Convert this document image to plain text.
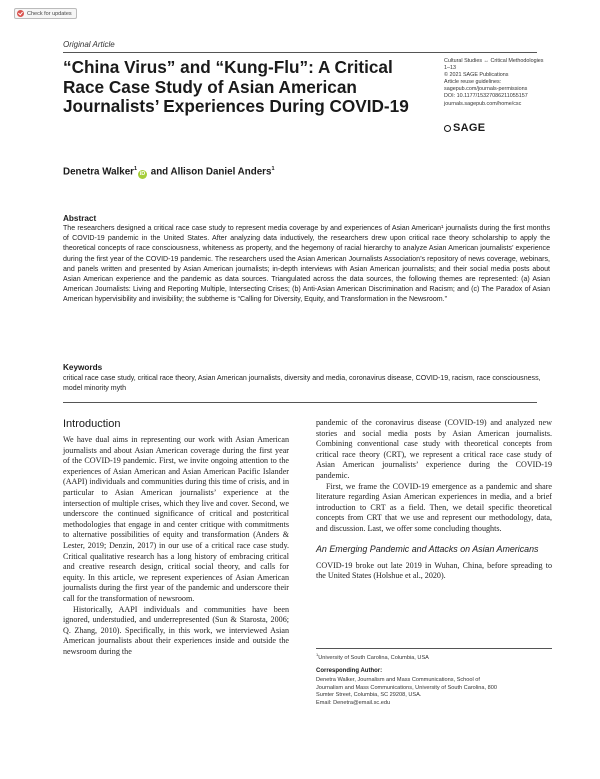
Check for updates
Original Article
“China Virus” and “Kung-Flu”: A Critical Race Case Study of Asian American Journalists’ Experiences During COVID-19
Cultural Studies ↔ Critical Methodologies
1–13
© 2021 SAGE Publications
Article reuse guidelines:
sagepub.com/journals-permissions
DOI: 10.1177/15327086211055157
journals.sagepub.com/home/csc
SAGE
Denetra Walker$^1$iD and Allison Daniel Anders$^1$
Abstract

The researchers designed a critical race case study to represent media coverage by and experiences of Asian American¹ journalists during the first months of COVID-19 pandemic in the United States. After analyzing data inductively, the researchers drew upon critical race theory scholarship to apply the theoretical concepts of race consciousness, whiteness as property, and the hegemony of racial hierarchy to analyze Asian American journalists’ experience during the first year of the COVID-19 pandemic. The researchers used the Asian American Journalists Association’s repository of news coverage, webinars, and panels written and presented by Asian American journalists; in-depth interviews with Asian American journalists; and their social media posts about Asian American experience and the pandemic as data sources. Triangulated across the data sources, the following themes are represented: (a) Asian American Journalists: Living and Reporting Multiple, Intersecting Crises; (b) Anti-Asian American Discrimination and Racism; and (c) The Paradox of Asian American hypervisibility and invisibility; the subtheme is “Calling for Diversity, Equity, and Transformation in the Newsroom.”

Keywords

critical race case study, critical race theory, Asian American journalists, diversity and media, coronavirus disease, COVID-19, racism, race consciousness, model minority myth

Introduction

We have dual aims in representing our work with Asian American journalists and about Asian American coverage during the first year of the COVID-19 pandemic. First, we invite ongoing attention to the experiences of Asian American and Asian American Pacific Islander (AAPI) individuals and communities during this time of crisis, and in particular to Asian American journalists’ experience at the intersection of multiple crises, which they live and cover. Second, we underscore the continued significance of critical and postcritical methodologies that engage in and center critique with commitments to alternative possibilities of equity and transformation (Anders & Lester, 2019; Denzin, 2017) in our use of a critical race case study. Critical qualitative research has a long history of embracing critical and creative research design, critical social theory, and calls for equity. In this article, we represent experiences of Asian American journalists during the first year of the pandemic and underscore their call for the transformation of newsroom.

Historically, AAPI individuals and communities have been ignored, understudied, and underrepresented (Sun & Starosta, 2006; Q. Zhang, 2010). Specifically, in this work, we interviewed Asian American journalists about their experiences inside and outside the newsroom during the

pandemic of the coronavirus disease (COVID-19) and analyzed new stories and social media posts by Asian American journalists. Combining conventional case study with theoretical concepts from critical race theory (CRT), we represent a critical race case study of Asian American journalists’ experience during the COVID-19 pandemic.

First, we frame the COVID-19 emergence as a pandemic and share literature regarding Asian American experiences in media, and a brief introduction to CRT as a field. Then, we detail specific theoretical concepts from CRT that we use and represent our methodology, data, and discussion. Last, we offer some concluding thoughts.

An Emerging Pandemic and Attacks on Asian Americans

COVID-19 broke out late 2019 in Wuhan, China, before spreading to the United States (Holshue et al., 2020).

$^1$University of South Carolina, Columbia, USA
Corresponding Author:
Denetra Walker, Journalism and Mass Communications, School of
Journalism and Mass Communications, University of South Carolina, 800
Sumter Street, Columbia, SC 29208, USA.
Email: Denetra@email.sc.edu
